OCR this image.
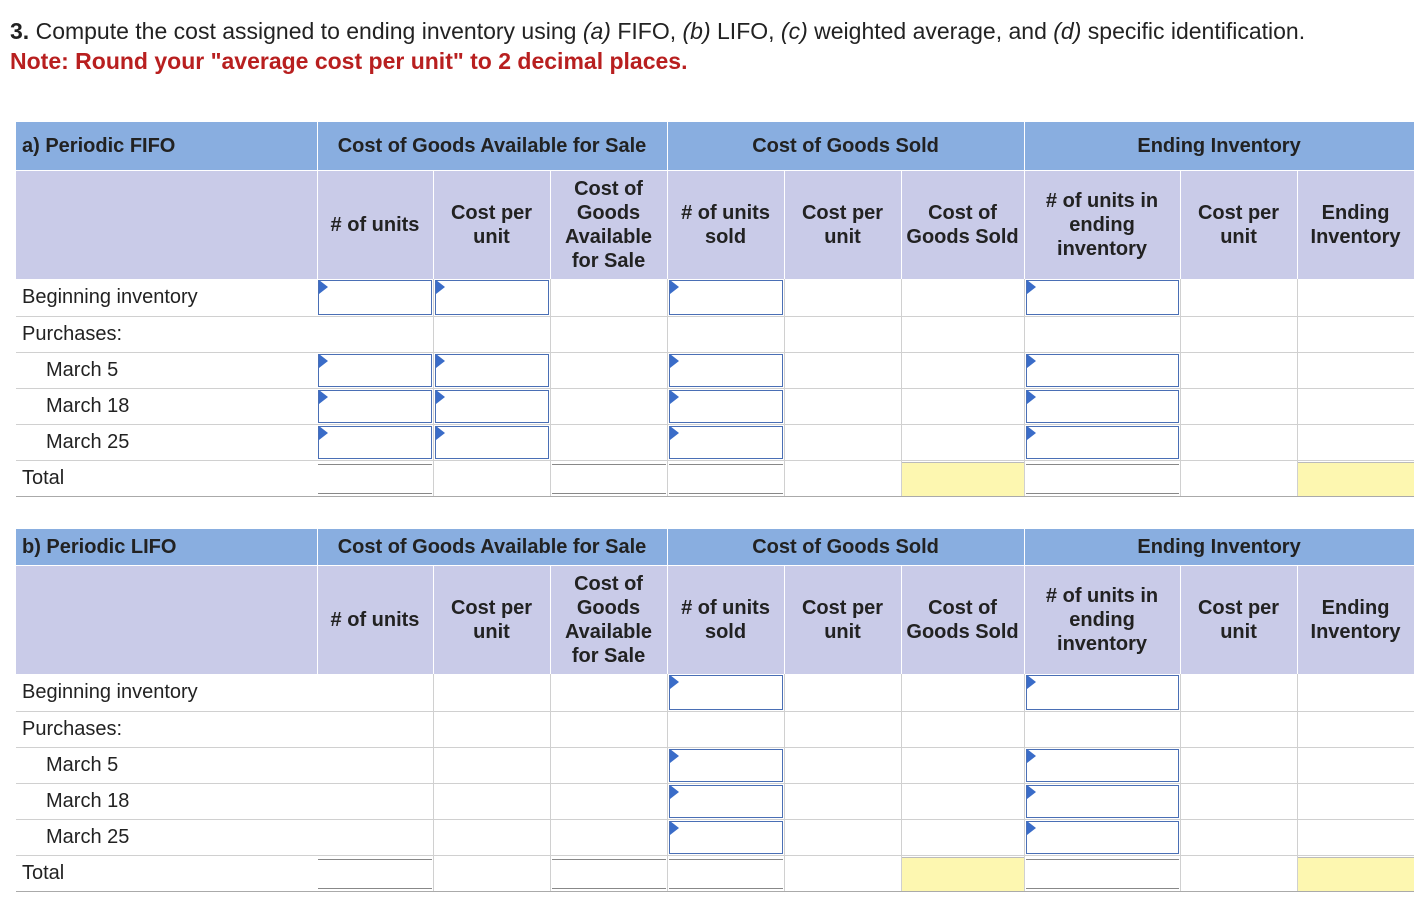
3. Compute the cost assigned to ending inventory using (a) FIFO, (b) LIFO, (c) weighted average, and (d) specific identification.
Note: Round your "average cost per unit" to 2 decimal places.
a) Periodic FIFO	Cost of Goods Available for Sale			Cost of Goods Sold			Ending Inventory		
	# of units	Cost per unit	Cost of Goods Available for Sale	# of units sold	Cost per unit	Cost of Goods Sold	# of units in ending inventory	Cost per unit	Ending Inventory
Beginning inventory	

Purchases:									
March 5	

March 18	

March 25	

Total	

b) Periodic LIFO	Cost of Goods Available for Sale			Cost of Goods Sold			Ending Inventory		
	# of units	Cost per unit	Cost of Goods Available for Sale	# of units sold	Cost per unit	Cost of Goods Sold	# of units in ending inventory	Cost per unit	Ending Inventory
Beginning inventory				

Purchases:									
March 5				

March 18				

March 25				

Total	
